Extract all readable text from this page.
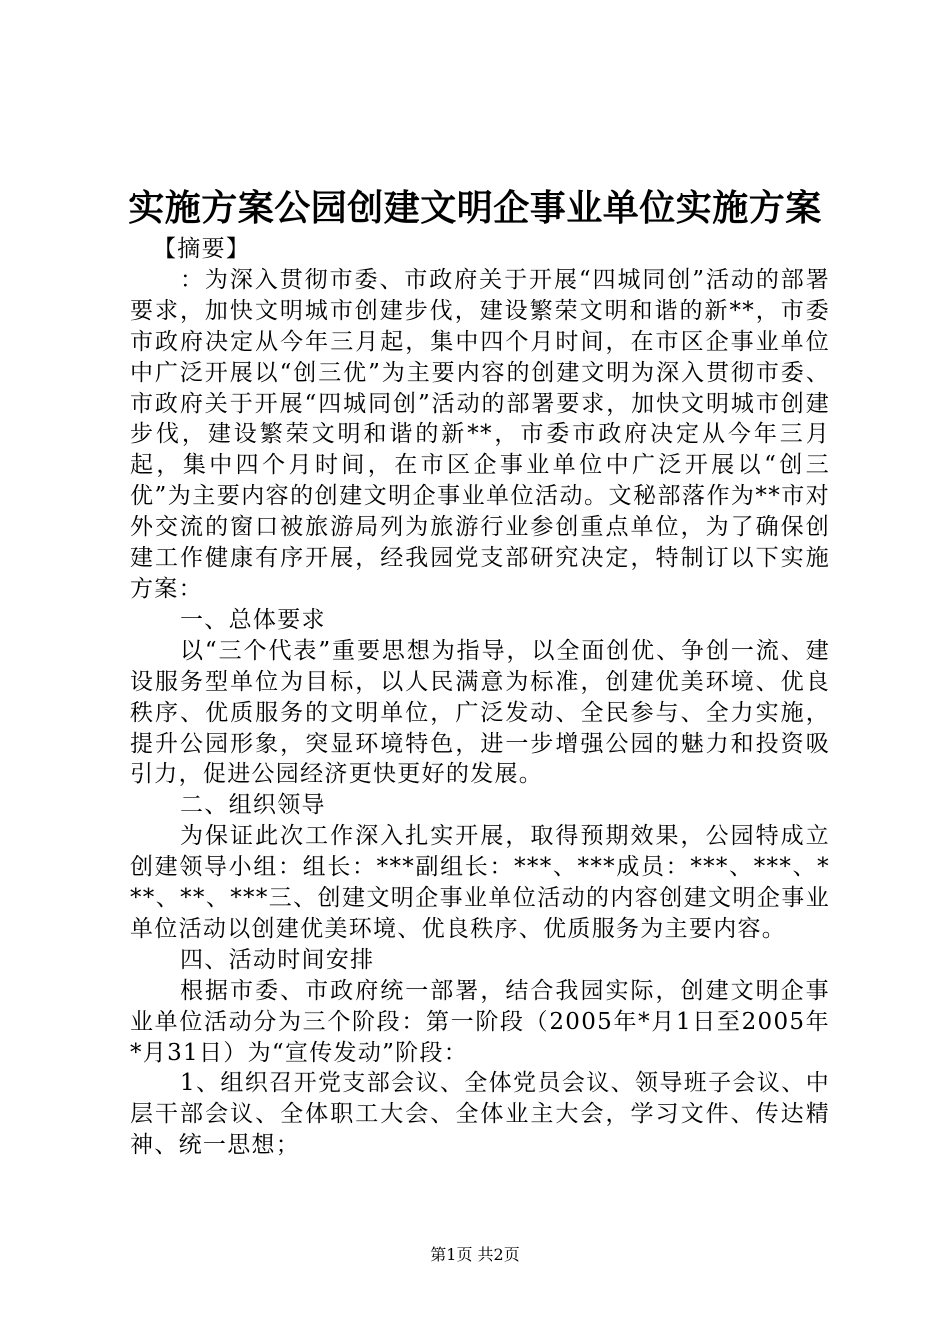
实施方案公园创建文明企事业单位实施方案

【摘要】

：为深入贯彻市委、市政府关于开展“四城同创”活动的部署要求，加快文明城市创建步伐，建设繁荣文明和谐的新**，市委市政府决定从今年三月起，集中四个月时间，在市区企事业单位中广泛开展以“创三优”为主要内容的创建文明为深入贯彻市委、市政府关于开展“四城同创”活动的部署要求，加快文明城市创建步伐，建设繁荣文明和谐的新**，市委市政府决定从今年三月起，集中四个月时间，在市区企事业单位中广泛开展以“创三优”为主要内容的创建文明企事业单位活动。文秘部落作为**市对外交流的窗口被旅游局列为旅游行业参创重点单位，为了确保创建工作健康有序开展，经我园党支部研究决定，特制订以下实施方案：

一、总体要求

以“三个代表”重要思想为指导，以全面创优、争创一流、建设服务型单位为目标，以人民满意为标准，创建优美环境、优良秩序、优质服务的文明单位，广泛发动、全民参与、全力实施，提升公园形象，突显环境特色，进一步增强公园的魅力和投资吸引力，促进公园经济更快更好的发展。

二、组织领导

为保证此次工作深入扎实开展，取得预期效果，公园特成立创建领导小组：组长：***副组长：***、***成员：***、***、***、**、***三、创建文明企事业单位活动的内容创建文明企事业单位活动以创建优美环境、优良秩序、优质服务为主要内容。

四、活动时间安排

根据市委、市政府统一部署，结合我园实际，创建文明企事业单位活动分为三个阶段：第一阶段（2005年*月1日至2005年*月31日）为“宣传发动”阶段：

1、组织召开党支部会议、全体党员会议、领导班子会议、中层干部会议、全体职工大会、全体业主大会，学习文件、传达精神、统一思想；

第1页 共2页
